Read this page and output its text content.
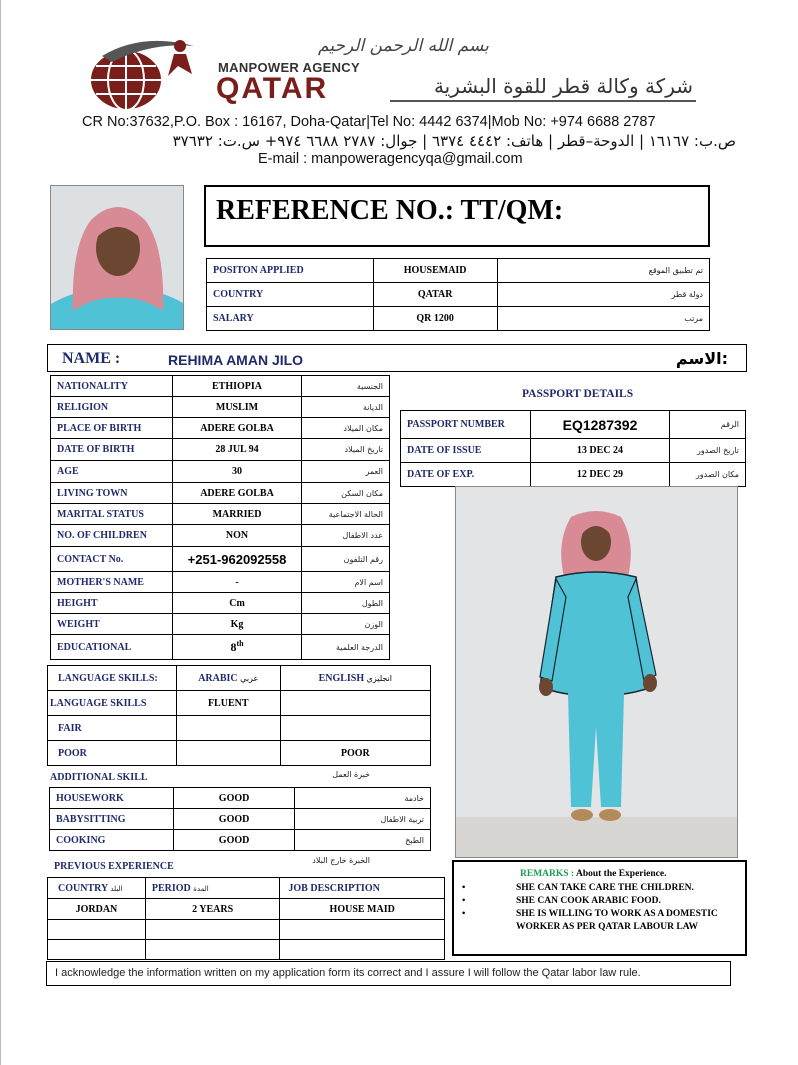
بسم الله الرحمن الرحيم
MANPOWER AGENCY
QATAR	شركة وكالة قطر للقوة البشرية
CR No:37632,P.O. Box : 16167, Doha-Qatar|Tel No: 4442 6374|Mob No: +974 6688 2787
ص.ب: ١٦١٦٧ | الدوحة–قطر | هاتف: ٤٤٤٢ ٦٣٧٤ | جوال: ٢٧٨٧ ٦٦٨٨ ٩٧٤+ س.ت: ٣٧٦٣٢
E-mail : manpoweragencyqa@gmail.com
REFERENCE NO.: TT/QM:
POSITON APPLIED	HOUSEMAID	تم تطبيق الموقع
COUNTRY	QATAR	دولة قطر
SALARY	QR 1200	مرتب
NAME :	REHIMA AMAN JILO	الاسم:
NATIONALITY	ETHIOPIA	الجنسية
RELIGION	MUSLIM	الديانة
PLACE OF BIRTH	ADERE GOLBA	مكان الميلاد
DATE OF BIRTH	28 JUL 94	تاريخ الميلاد
AGE	30	العمر
LIVING TOWN	ADERE GOLBA	مكان السكن
MARITAL STATUS	MARRIED	الحالة الاجتماعية
NO. OF CHILDREN	NON	عدد الاطفال
CONTACT No.	+251-962092558	رقم التلفون
MOTHER'S NAME	-	اسم الام
HEIGHT	Cm	الطول
WEIGHT	Kg	الوزن
EDUCATIONAL	8th	الدرجة العلمية
PASSPORT DETAILS
PASSPORT NUMBER	EQ1287392	الرقم
DATE OF ISSUE	13 DEC 24	تاريخ الصدور
DATE OF EXP.	12 DEC 29	مكان الصدور
LANGUAGE SKILLS:	ARABIC عربي	ENGLISH انجليزي
LANGUAGE SKILLS	FLUENT	
FAIR		
POOR		POOR
ADDITIONAL SKILL	خبرة العمل
HOUSEWORK	GOOD	خادمة
BABYSITTING	GOOD	تربية الاطفال
COOKING	GOOD	الطبخ
PREVIOUS EXPERIENCE
الخبرة خارج البلاد
COUNTRY البلد	PERIOD المدة	JOB DESCRIPTION
JORDAN	2 YEARS	HOUSE MAID

REMARKS : About the Experience.
•	SHE CAN TAKE CARE THE CHILDREN.
•	SHE CAN COOK ARABIC FOOD.
•	SHE IS WILLING TO WORK AS A DOMESTIC WORKER AS PER QATAR LABOUR LAW
I acknowledge the information written on my application form its correct and I assure I will follow the Qatar labor law rule.
